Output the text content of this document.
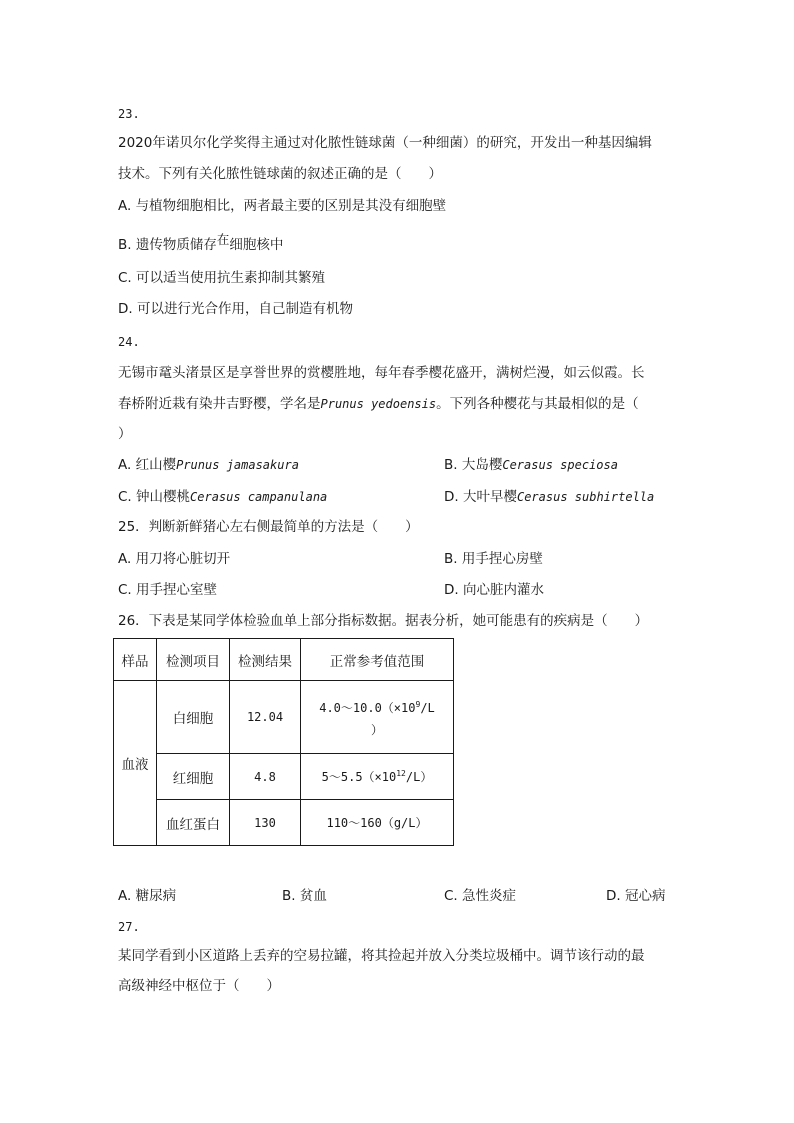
23.
2020年诺贝尔化学奖得主通过对化脓性链球菌（一种细菌）的研究，开发出一种基因编辑
技术。下列有关化脓性链球菌的叙述正确的是（　　）
A. 与植物细胞相比，两者最主要的区别是其没有细胞壁
B. 遗传物质储存在细胞核中
C. 可以适当使用抗生素抑制其繁殖
D. 可以进行光合作用，自己制造有机物
24.
无锡市鼋头渚景区是享誉世界的赏樱胜地，每年春季樱花盛开，满树烂漫，如云似霞。长
春桥附近栽有染井吉野樱，学名是Prunus yedoensis。下列各种樱花与其最相似的是（
）
A. 红山樱Prunus jamasakura	B. 大岛樱Cerasus speciosa
C. 钟山樱桃Cerasus campanulana	D. 大叶早樱Cerasus subhirtella
25．判断新鲜猪心左右侧最简单的方法是（　　）
A. 用刀将心脏切开	B. 用手捏心房壁
C. 用手捏心室壁	D. 向心脏内灌水
26．下表是某同学体检验血单上部分指标数据。据表分析，她可能患有的疾病是（　　）
样品	检测项目	检测结果	正常参考值范围
血液	白细胞	12.04	$4.0\sim 10.0(\times 10^9/L$
）
	红细胞	4.8	$5\sim 5.5(\times 10^{12}/L)$
	血红蛋白	130	110～160（g/L）
A. 糖尿病	B. 贫血	C. 急性炎症	D. 冠心病
27.
某同学看到小区道路上丢弃的空易拉罐，将其捡起并放入分类垃圾桶中。调节该行动的最
高级神经中枢位于（　　）
